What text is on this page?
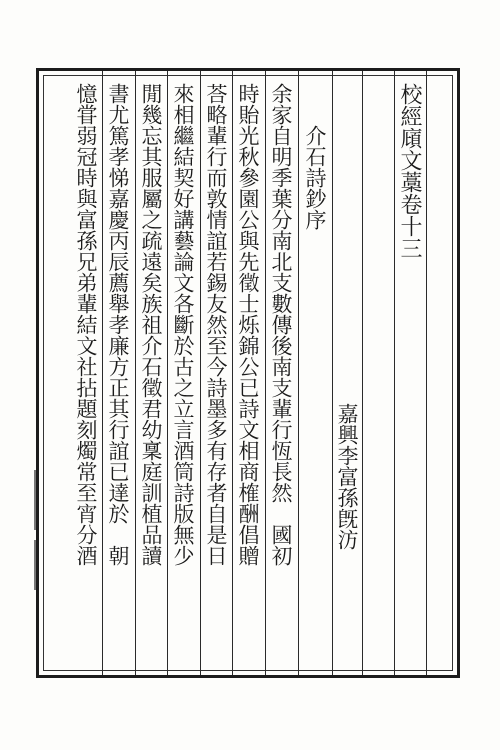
校經廎文藁卷十三
嘉興李富孫旣汸
介石詩鈔序
余家自明季葉分南北支數傳後南支輩行恆長然　國初
時貽光秋參園公與先徵士烁錦公已詩文相商榷酬倡贈
荅略輩行而敦情誼若錫友然至今詩墨多有存者自是日
來相繼結契好講藝論文各斷於古之立言酒筒詩版無少
閒幾忘其服屬之疏遠矣族祖介石徵君幼稟庭訓植品讀
書尤篤孝悌嘉慶丙辰薦舉孝廉方正其行誼已達於　朝
憶甞弱冠時與富孫兄弟輩結文社拈題刻燭常至宵分酒
